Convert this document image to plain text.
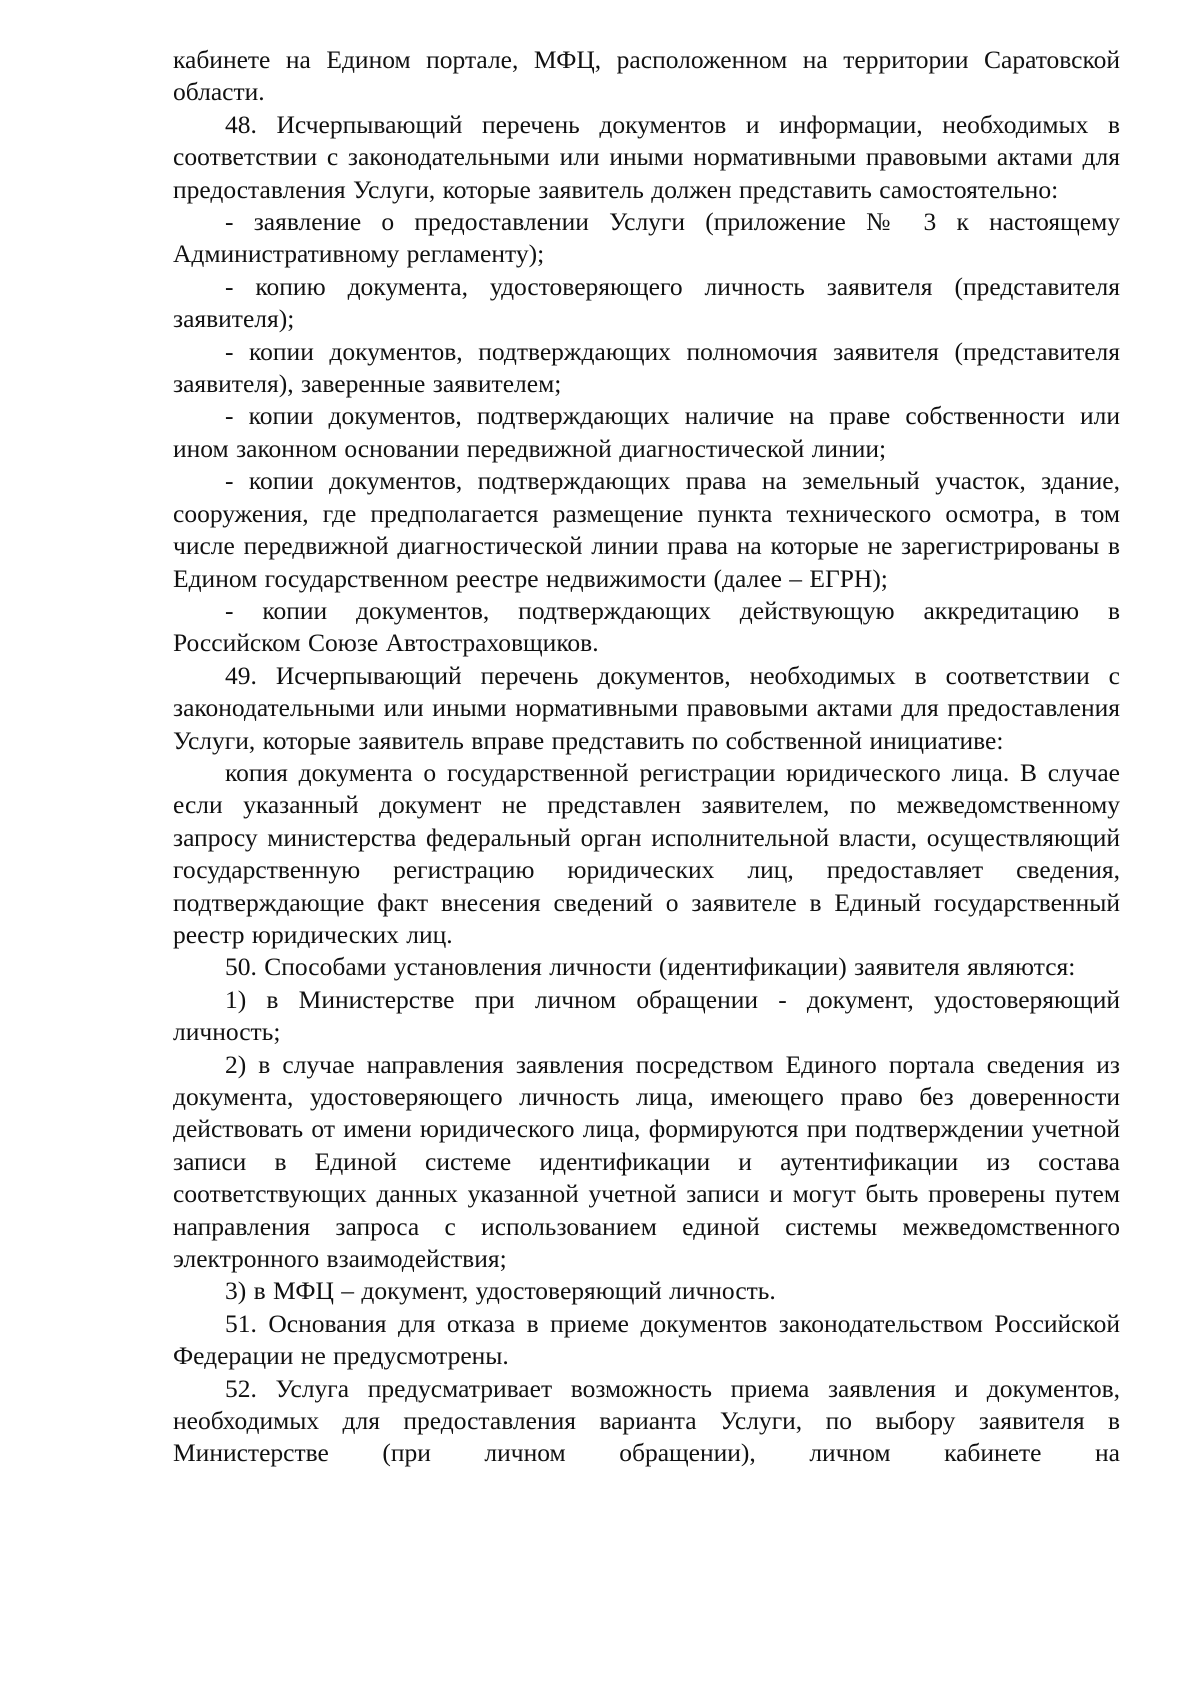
кабинете на Едином портале, МФЦ, расположенном на территории Саратовской области.

48. Исчерпывающий перечень документов и информации, необходимых в соответствии с законодательными или иными нормативными правовыми актами для предоставления Услуги, которые заявитель должен представить самостоятельно:

- заявление о предоставлении Услуги (приложение № 3 к настоящему Административному регламенту);

- копию документа, удостоверяющего личность заявителя (представителя заявителя);

- копии документов, подтверждающих полномочия заявителя (представителя заявителя), заверенные заявителем;

- копии документов, подтверждающих наличие на праве собственности или ином законном основании передвижной диагностической линии;

- копии документов, подтверждающих права на земельный участок, здание, сооружения, где предполагается размещение пункта технического осмотра, в том числе передвижной диагностической линии права на которые не зарегистрированы в Едином государственном реестре недвижимости (далее – ЕГРН);

- копии документов, подтверждающих действующую аккредитацию в Российском Союзе Автостраховщиков.

49. Исчерпывающий перечень документов, необходимых в соответствии с законодательными или иными нормативными правовыми актами для предоставления Услуги, которые заявитель вправе представить по собственной инициативе:

копия документа о государственной регистрации юридического лица. В случае если указанный документ не представлен заявителем, по межведомственному запросу министерства федеральный орган исполнительной власти, осуществляющий государственную регистрацию юридических лиц, предоставляет сведения, подтверждающие факт внесения сведений о заявителе в Единый государственный реестр юридических лиц.

50. Способами установления личности (идентификации) заявителя являются:

1) в Министерстве при личном обращении - документ, удостоверяющий личность;

2) в случае направления заявления посредством Единого портала сведения из документа, удостоверяющего личность лица, имеющего право без доверенности действовать от имени юридического лица, формируются при подтверждении учетной записи в Единой системе идентификации и аутентификации из состава соответствующих данных указанной учетной записи и могут быть проверены путем направления запроса с использованием единой системы межведомственного электронного взаимодействия;

3) в МФЦ – документ, удостоверяющий личность.

51. Основания для отказа в приеме документов законодательством Российской Федерации не предусмотрены.

52. Услуга предусматривает возможность приема заявления и документов, необходимых для предоставления варианта Услуги, по выбору заявителя в Министерстве (при личном обращении), личном кабинете на
